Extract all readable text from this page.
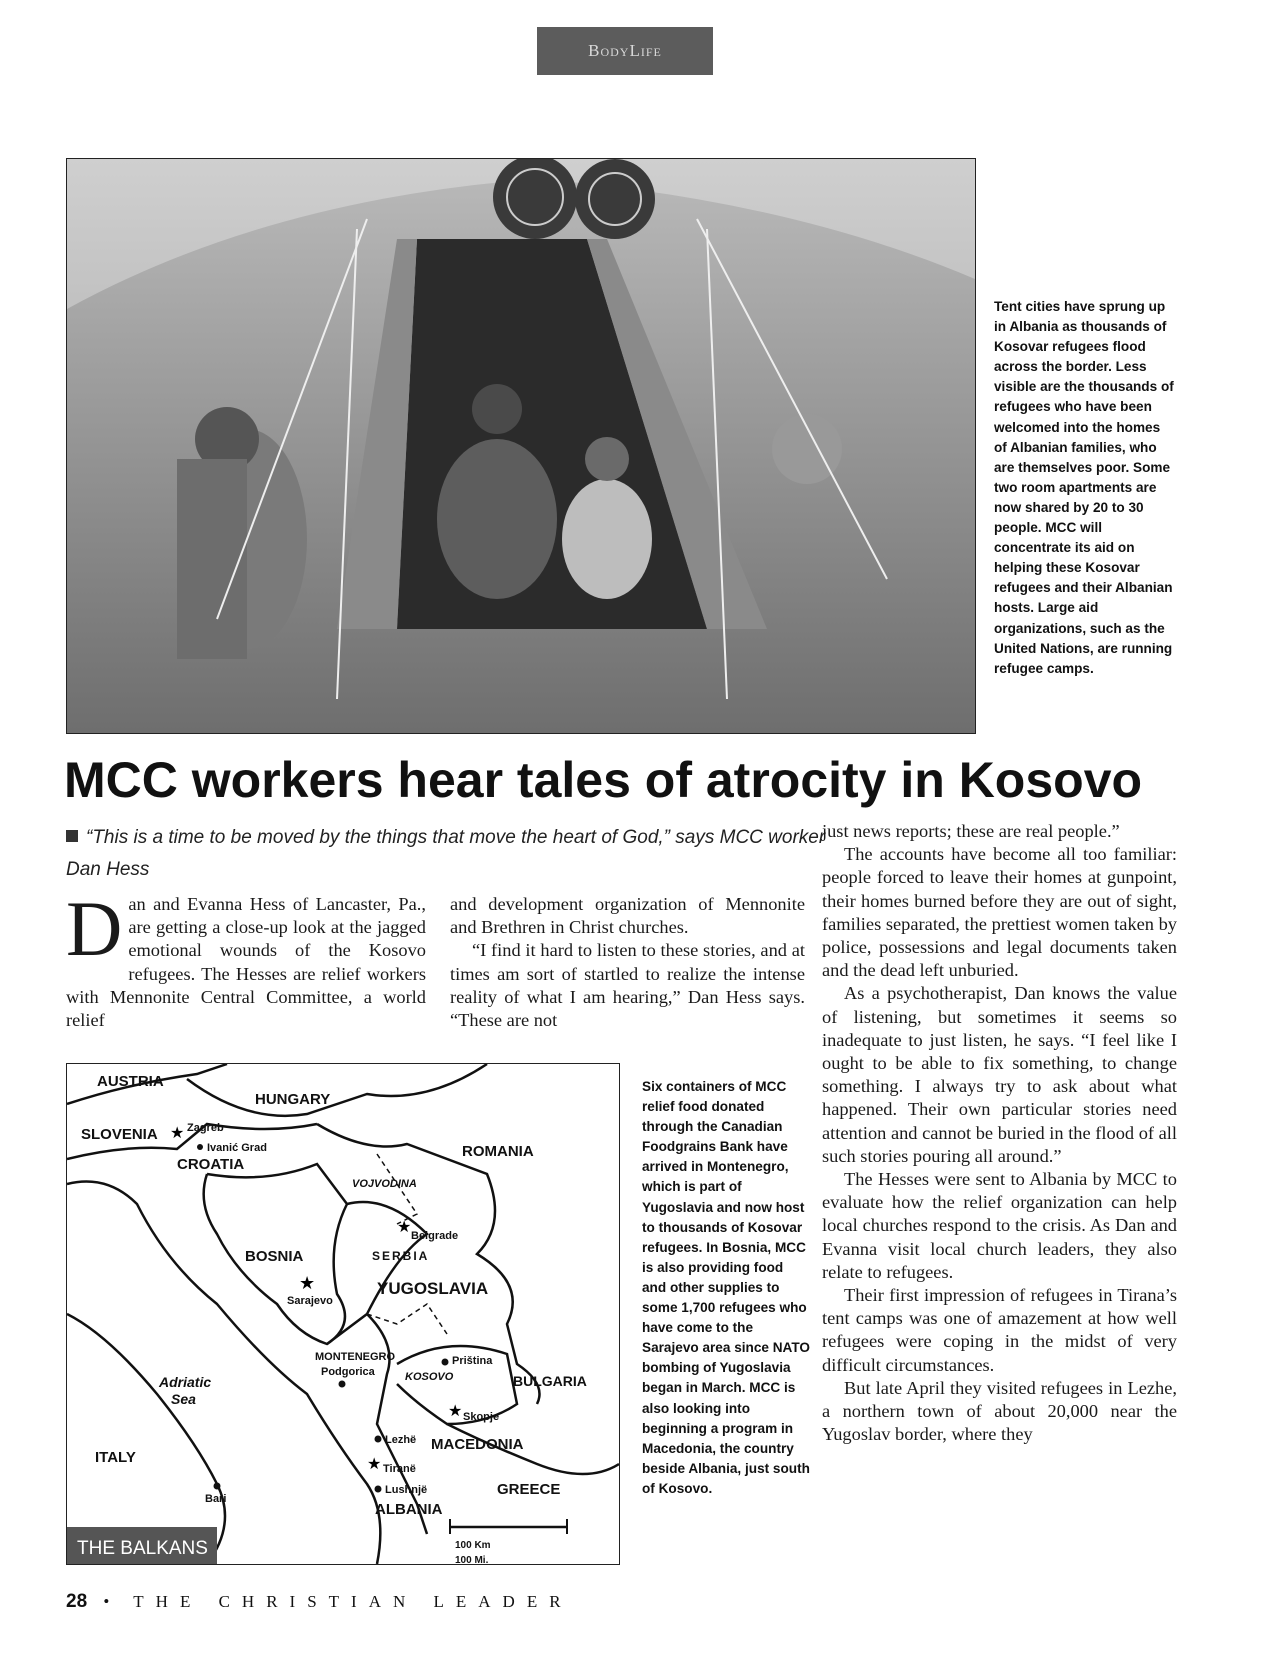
BodyLife
Tent cities have sprung up in Albania as thousands of Kosovar refugees flood across the border. Less visible are the thousands of refugees who have been welcomed into the homes of Albanian families, who are themselves poor. Some two room apartments are now shared by 20 to 30 people. MCC will concentrate its aid on helping these Kosovar refugees and their Albanian hosts. Large aid organizations, such as the United Nations, are running refugee camps.
MCC workers hear tales of atrocity in Kosovo
“This is a time to be moved by the things that move the heart of God,” says MCC worker Dan Hess

Dan and Evanna Hess of Lancaster, Pa., are getting a close-up look at the jagged emotional wounds of the Kosovo refugees. The Hesses are relief workers with Mennonite Central Committee, a world relief

and development organization of Mennonite and Brethren in Christ churches.

“I find it hard to listen to these stories, and at times am sort of startled to realize the intense reality of what I am hearing,” Dan Hess says. “These are not

just news reports; these are real people.”

The accounts have become all too familiar: people forced to leave their homes at gunpoint, their homes burned before they are out of sight, families separated, the prettiest women taken by police, possessions and legal documents taken and the dead left unburied.

As a psychotherapist, Dan knows the value of listening, but sometimes it seems so inadequate to just listen, he says. “I feel like I ought to be able to fix something, to change something. I always try to ask about what happened. Their own particular stories need attention and cannot be buried in the flood of all such stories pouring all around.”

The Hesses were sent to Albania by MCC to evaluate how the relief organization can help local churches respond to the crisis. As Dan and Evanna visit local church leaders, they also relate to refugees.

Their first impression of refugees in Tirana’s tent camps was one of amazement at how well refugees were coping in the midst of very difficult circumstances.

But late April they visited refugees in Lezhe, a northern town of about 20,000 near the Yugoslav border, where they

AUSTRIA
HUNGARY
SLOVENIA ★ Zagreb
Ivanić Grad
CROATIA
ROMANIA
VOJVODINA
★ Belgrade
SERBIA
BOSNIA
★
Sarajevo
YUGOSLAVIA
MONTENEGRO
Podgorica	KOSOVO
Priština
BULGARIA
Adriatic
Sea
★ Skopje
Lezhë MACEDONIA
ITALY	★ Tiranë
Lushnjë	GREECE
Bari
ALBANIA
100 Km
100 Mi.
THE BALKANS
Six containers of MCC relief food donated through the Canadian Foodgrains Bank have arrived in Montenegro, which is part of Yugoslavia and now host to thousands of Kosovar refugees. In Bosnia, MCC is also providing food and other supplies to some 1,700 refugees who have come to the Sarajevo area since NATO bombing of Yugoslavia began in March. MCC is also looking into beginning a program in Macedonia, the country beside Albania, just south of Kosovo.
28 • THE CHRISTIAN LEADER
